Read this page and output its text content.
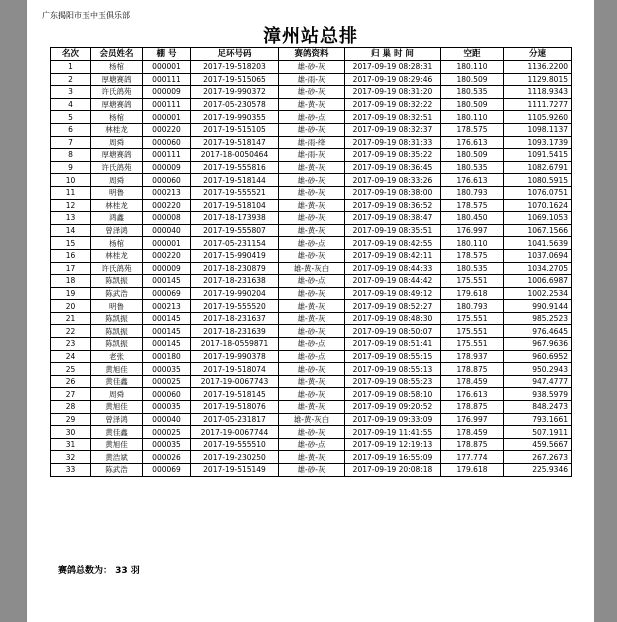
广东揭阳市玉中玉俱乐部
漳州站总排
名次	会员姓名	棚 号	足环号码	赛鸽资料	归 巢 时 间	空距	分速
1	杨棺	000001	2017-19-518203	雄-砂-灰	2017-09-19 08:28:31	180.110	1136.2200
2	厚塘赛鸽	000111	2017-19-515065	雄-雨-灰	2017-09-19 08:29:46	180.509	1129.8015
3	许氏鸽苑	000009	2017-19-990372	雄-砂-灰	2017-09-19 08:31:20	180.535	1118.9343
4	厚塘赛鸽	000111	2017-05-230578	雄-黄-灰	2017-09-19 08:32:22	180.509	1111.7277
5	杨棺	000001	2017-19-990355	雄-砂-点	2017-09-19 08:32:51	180.110	1105.9260
6	林桂龙	000220	2017-19-515105	雄-砂-灰	2017-09-19 08:32:37	178.575	1098.1137
7	周舜	000060	2017-19-518147	雄-雨-绛	2017-09-19 08:31:33	176.613	1093.1739
8	厚塘赛鸽	000111	2017-18-0050464	雄-雨-灰	2017-09-19 08:35:22	180.509	1091.5415
9	许氏鸽苑	000009	2017-19-555816	雄-黄-灰	2017-09-19 08:36:45	180.535	1082.6791
10	周舜	000060	2017-19-518144	雄-砂-灰	2017-09-19 08:33:26	176.613	1080.5915
11	明鲁	000213	2017-19-555521	雄-砂-灰	2017-09-19 08:38:00	180.793	1076.0751
12	林桂龙	000220	2017-19-518104	雄-黄-灰	2017-09-19 08:36:52	178.575	1070.1624
13	鸿鑫	000008	2017-18-173938	雄-砂-灰	2017-09-19 08:38:47	180.450	1069.1053
14	曾泽鸿	000040	2017-19-555807	雄-黄-灰	2017-09-19 08:35:51	176.997	1067.1566
15	杨棺	000001	2017-05-231154	雄-砂-点	2017-09-19 08:42:55	180.110	1041.5639
16	林桂龙	000220	2017-15-990419	雄-砂-灰	2017-09-19 08:42:11	178.575	1037.0694
17	许氏鸽苑	000009	2017-18-230879	雄-黄-灰白	2017-09-19 08:44:33	180.535	1034.2705
18	陈凯振	000145	2017-18-231638	雄-砂-点	2017-09-19 08:44:42	175.551	1006.6987
19	陈武浩	000069	2017-19-990204	雄-砂-灰	2017-09-19 08:49:12	179.618	1002.2534
20	明鲁	000213	2017-19-555520	雄-黄-灰	2017-09-19 08:52:27	180.793	990.9144
21	陈凯振	000145	2017-18-231637	雄-黄-灰	2017-09-19 08:48:30	175.551	985.2523
22	陈凯振	000145	2017-18-231639	雄-砂-灰	2017-09-19 08:50:07	175.551	976.4645
23	陈凯振	000145	2017-18-0559871	雄-砂-点	2017-09-19 08:51:41	175.551	967.9636
24	老张	000180	2017-19-990378	雄-砂-点	2017-09-19 08:55:15	178.937	960.6952
25	黄旭佳	000035	2017-19-518074	雄-砂-灰	2017-09-19 08:55:13	178.875	950.2943
26	黄佳鑫	000025	2017-19-0067743	雄-黄-灰	2017-09-19 08:55:23	178.459	947.4777
27	周舜	000060	2017-19-518145	雄-砂-灰	2017-09-19 08:58:10	176.613	938.5979
28	黄旭佳	000035	2017-19-518076	雄-黄-灰	2017-09-19 09:20:52	178.875	848.2473
29	曾泽鸿	000040	2017-05-231817	雄-黄-灰白	2017-09-19 09:33:09	176.997	793.1661
30	黄佳鑫	000025	2017-19-0067744	雄-砂-灰	2017-09-19 11:41:55	178.459	507.1911
31	黄旭佳	000035	2017-19-555510	雄-砂-点	2017-09-19 12:19:13	178.875	459.5667
32	黄浩斌	000026	2017-19-230250	雄-黄-灰	2017-09-19 16:55:09	177.774	267.2673
33	陈武浩	000069	2017-19-515149	雄-砂-灰	2017-09-19 20:08:18	179.618	225.9346
赛鸽总数为： 33 羽
